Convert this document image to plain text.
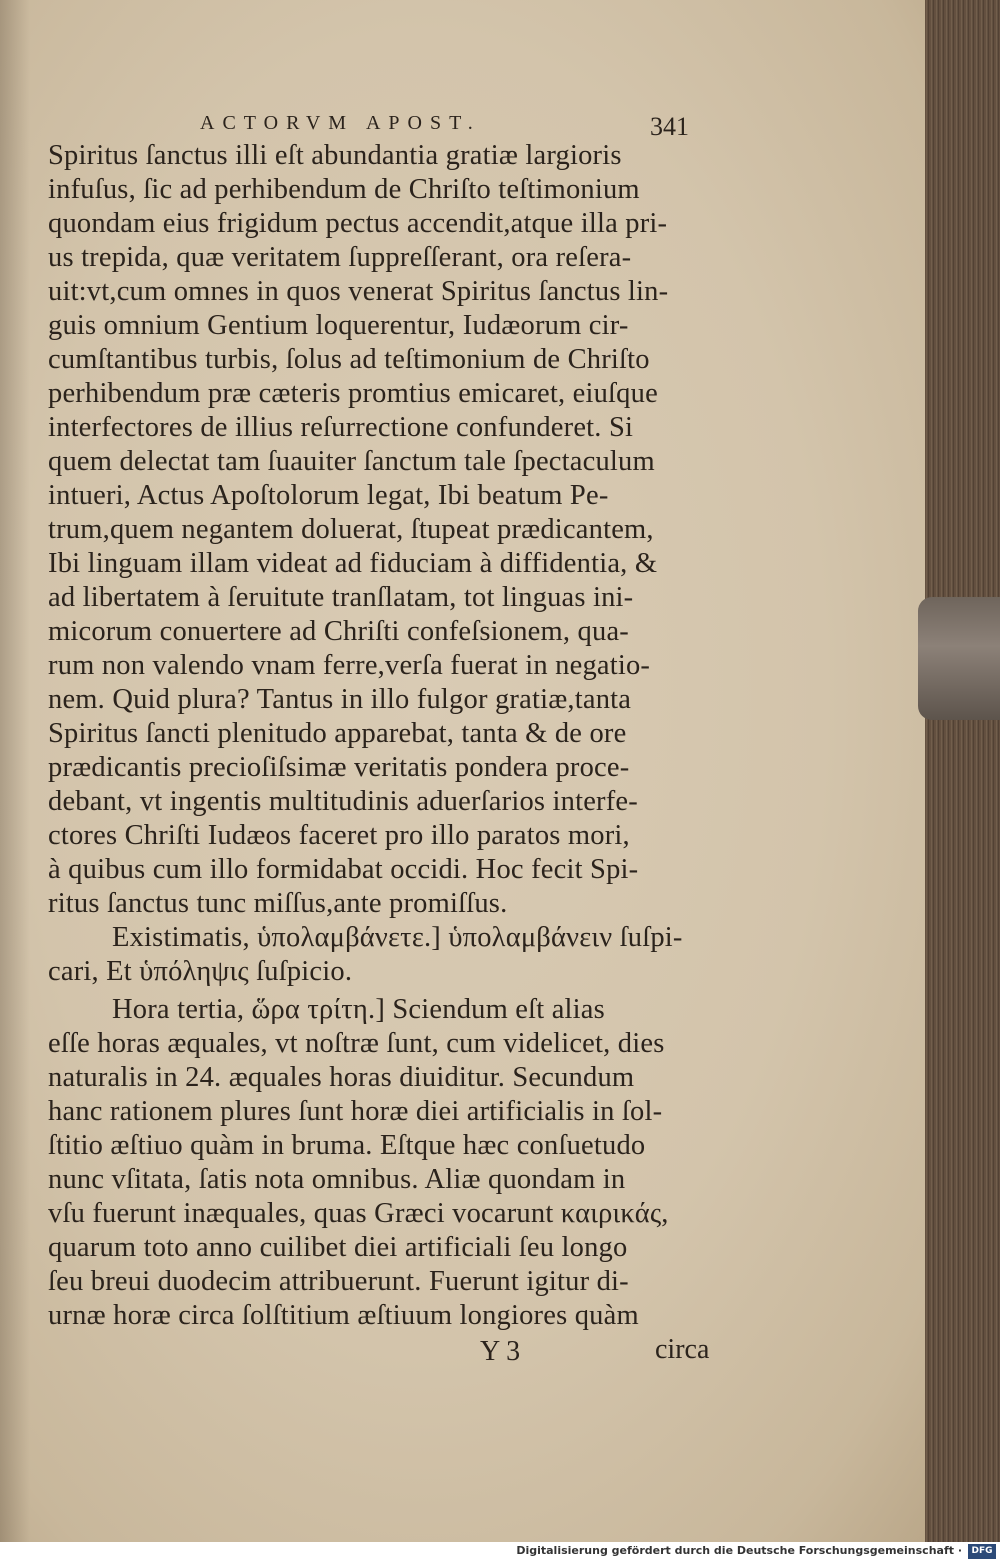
ACTORVM APOST.	341
Spiritus ſanctus illi eſt abundantia gratiæ largioris
infuſus, ſic ad perhibendum de Chriſto teſtimonium
quondam eius frigidum pectus accendit,atque illa pri-
us trepida, quæ veritatem ſuppreſſerant, ora reſera-
uit:vt,cum omnes in quos venerat Spiritus ſanctus lin-
guis omnium Gentium loquerentur, Iudæorum cir-
cumſtantibus turbis, ſolus ad teſtimonium de Chriſto
perhibendum præ cæteris promtius emicaret, eiuſque
interfectores de illius reſurrectione confunderet. Si
quem delectat tam ſuauiter ſanctum tale ſpectaculum
intueri, Actus Apoſtolorum legat, Ibi beatum Pe-
trum,quem negantem doluerat, ſtupeat prædicantem,
Ibi linguam illam videat ad fiduciam à diffidentia, &
ad libertatem à ſeruitute tranſlatam, tot linguas ini-
micorum conuertere ad Chriſti confeſsionem, qua-
rum non valendo vnam ferre,verſa fuerat in negatio-
nem. Quid plura? Tantus in illo fulgor gratiæ,tanta
Spiritus ſancti plenitudo apparebat, tanta & de ore
prædicantis precioſiſsimæ veritatis pondera proce-
debant, vt ingentis multitudinis aduerſarios interfe-
ctores Chriſti Iudæos faceret pro illo paratos mori,
à quibus cum illo formidabat occidi. Hoc fecit Spi-
ritus ſanctus tunc miſſus,ante promiſſus.
Existimatis, ὑπολαμβάνετε.] ὑπολαμβάνειν ſuſpi-
cari, Et ὑπόληψις ſuſpicio.
Hora tertia, ὥρα τρίτη.] Sciendum eſt alias
eſſe horas æquales, vt noſtræ ſunt, cum videlicet, dies
naturalis in 24. æquales horas diuiditur. Secundum
hanc rationem plures ſunt horæ diei artificialis in ſol-
ſtitio æſtiuo quàm in bruma. Eſtque hæc conſuetudo
nunc vſitata, ſatis nota omnibus. Aliæ quondam in
vſu fuerunt inæquales, quas Græci vocarunt καιρικάς,
quarum toto anno cuilibet diei artificiali ſeu longo
ſeu breui duodecim attribuerunt. Fuerunt igitur di-
urnæ horæ circa ſolſtitium æſtiuum longiores quàm
Y 3	circa
Digitalisierung gefördert durch die Deutsche Forschungsgemeinschaft ·	DFG
